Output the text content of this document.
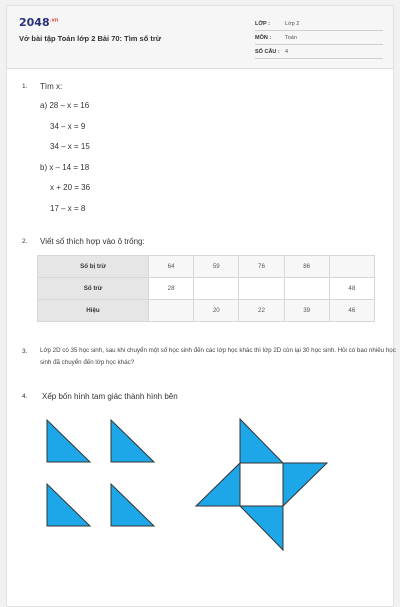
$2048^{.vn}$
Vở bài tập Toán lớp 2 Bài 70: Tìm số trừ
LỚP :	Lớp 2
MÔN :	Toán
SỐ CÂU : 4
1. Tìm x:
a) 28 – x = 16
34 – x = 9
34 – x = 15
b) x – 14 = 18
x + 20 = 36
17 – x = 8
2. Viết số thích hợp vào ô trống:
Số bị trừ	64	59	76	86	
Số trừ	28				48
Hiệu		20	22	39	46
3. Lớp 2D có 35 học sinh, sau khi chuyển một số học sinh đến các lớp học khác thì lớp 2D còn lại 30 học sinh. Hỏi có bao nhiêu học sinh đã chuyển đến lớp học khác?
4. Xếp bốn hình tam giác thành hình bên
